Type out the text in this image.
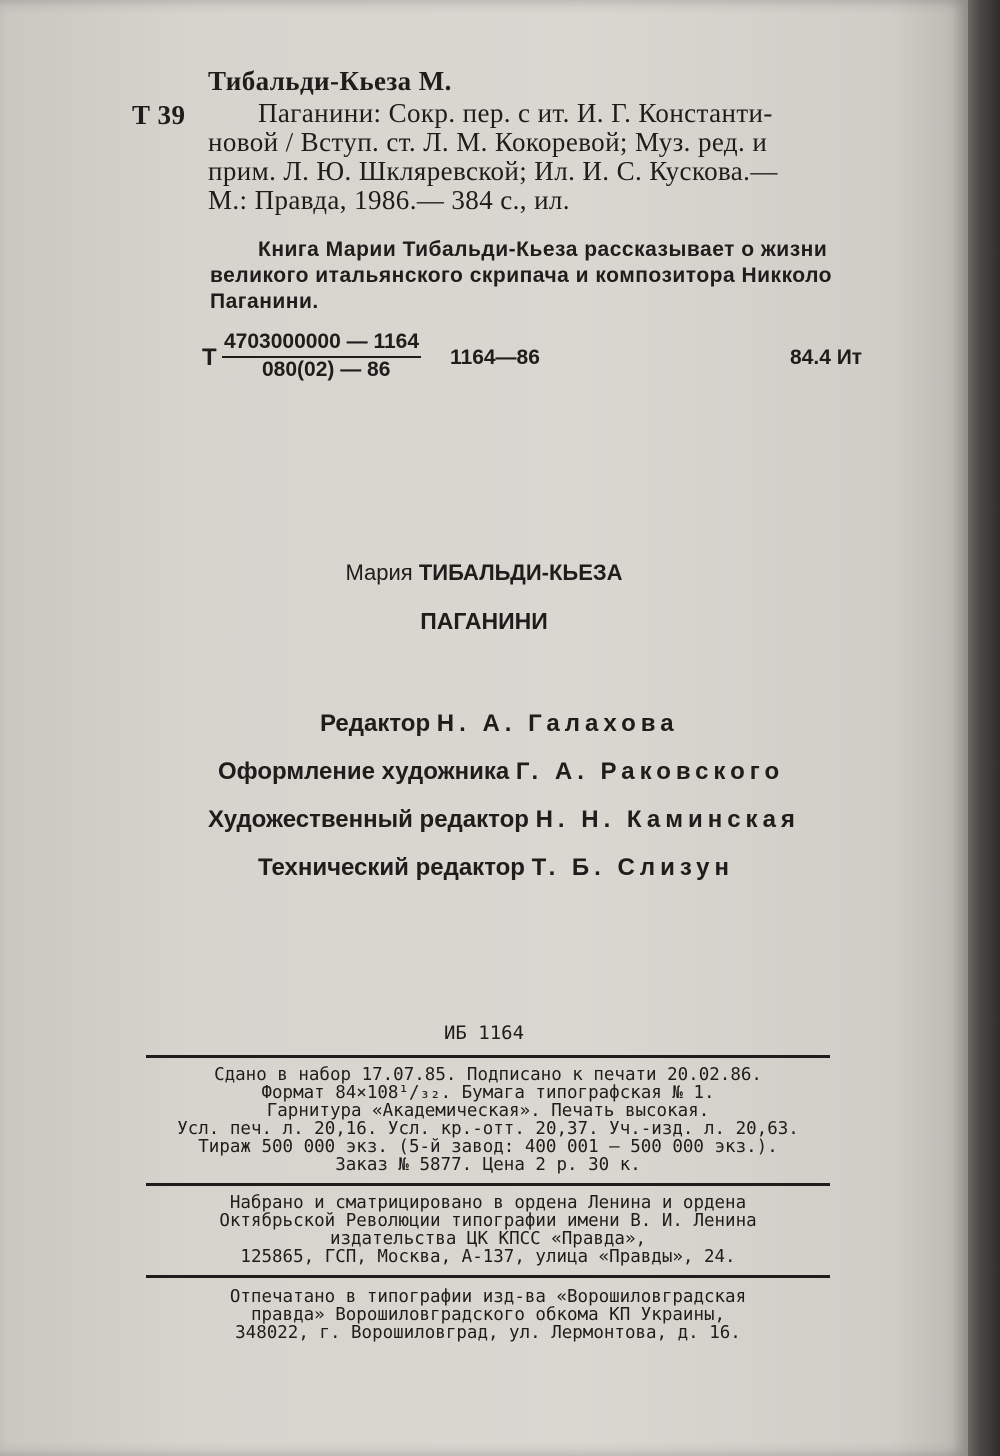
Тибальди-Кьеза М.
Т 39	Паганини: Сокр. пер. с ит. И. Г. Константи-
новой / Вступ. ст. Л. М. Кокоревой; Муз. ред. и
прим. Л. Ю. Шкляревской; Ил. И. С. Кускова.—
М.: Правда, 1986.— 384 с., ил.
Книга Марии Тибальди-Кьеза рассказывает о жизни
великого итальянского скрипача и композитора Никколо
Паганини.
Т $\frac{4703000000 — 1164}{080(02) — 86}$ 1164—86	84.4 Ит
Мария ТИБАЛЬДИ-КЬЕЗА
ПАГАНИНИ
Редактор Н. А. Галахова
Оформление художника Г. А. Раковского
Художественный редактор Н. Н. Каминская
Технический редактор Т. Б. Слизун
ИБ 1164
Сдано в набор 17.07.85. Подписано к печати 20.02.86.
Формат 84×108¹/₃₂. Бумага типографская № 1.
Гарнитура «Академическая». Печать высокая.
Усл. печ. л. 20,16. Усл. кр.-отт. 20,37. Уч.-изд. л. 20,63.
Тираж 500 000 экз. (5-й завод: 400 001 — 500 000 экз.).
Заказ № 5877. Цена 2 р. 30 к.
Набрано и сматрицировано в ордена Ленина и ордена
Октябрьской Революции типографии имени В. И. Ленина
издательства ЦК КПСС «Правда»,
125865, ГСП, Москва, А-137, улица «Правды», 24.
Отпечатано в типографии изд-ва «Ворошиловградская
правда» Ворошиловградского обкома КП Украины,
348022, г. Ворошиловград, ул. Лермонтова, д. 16.
